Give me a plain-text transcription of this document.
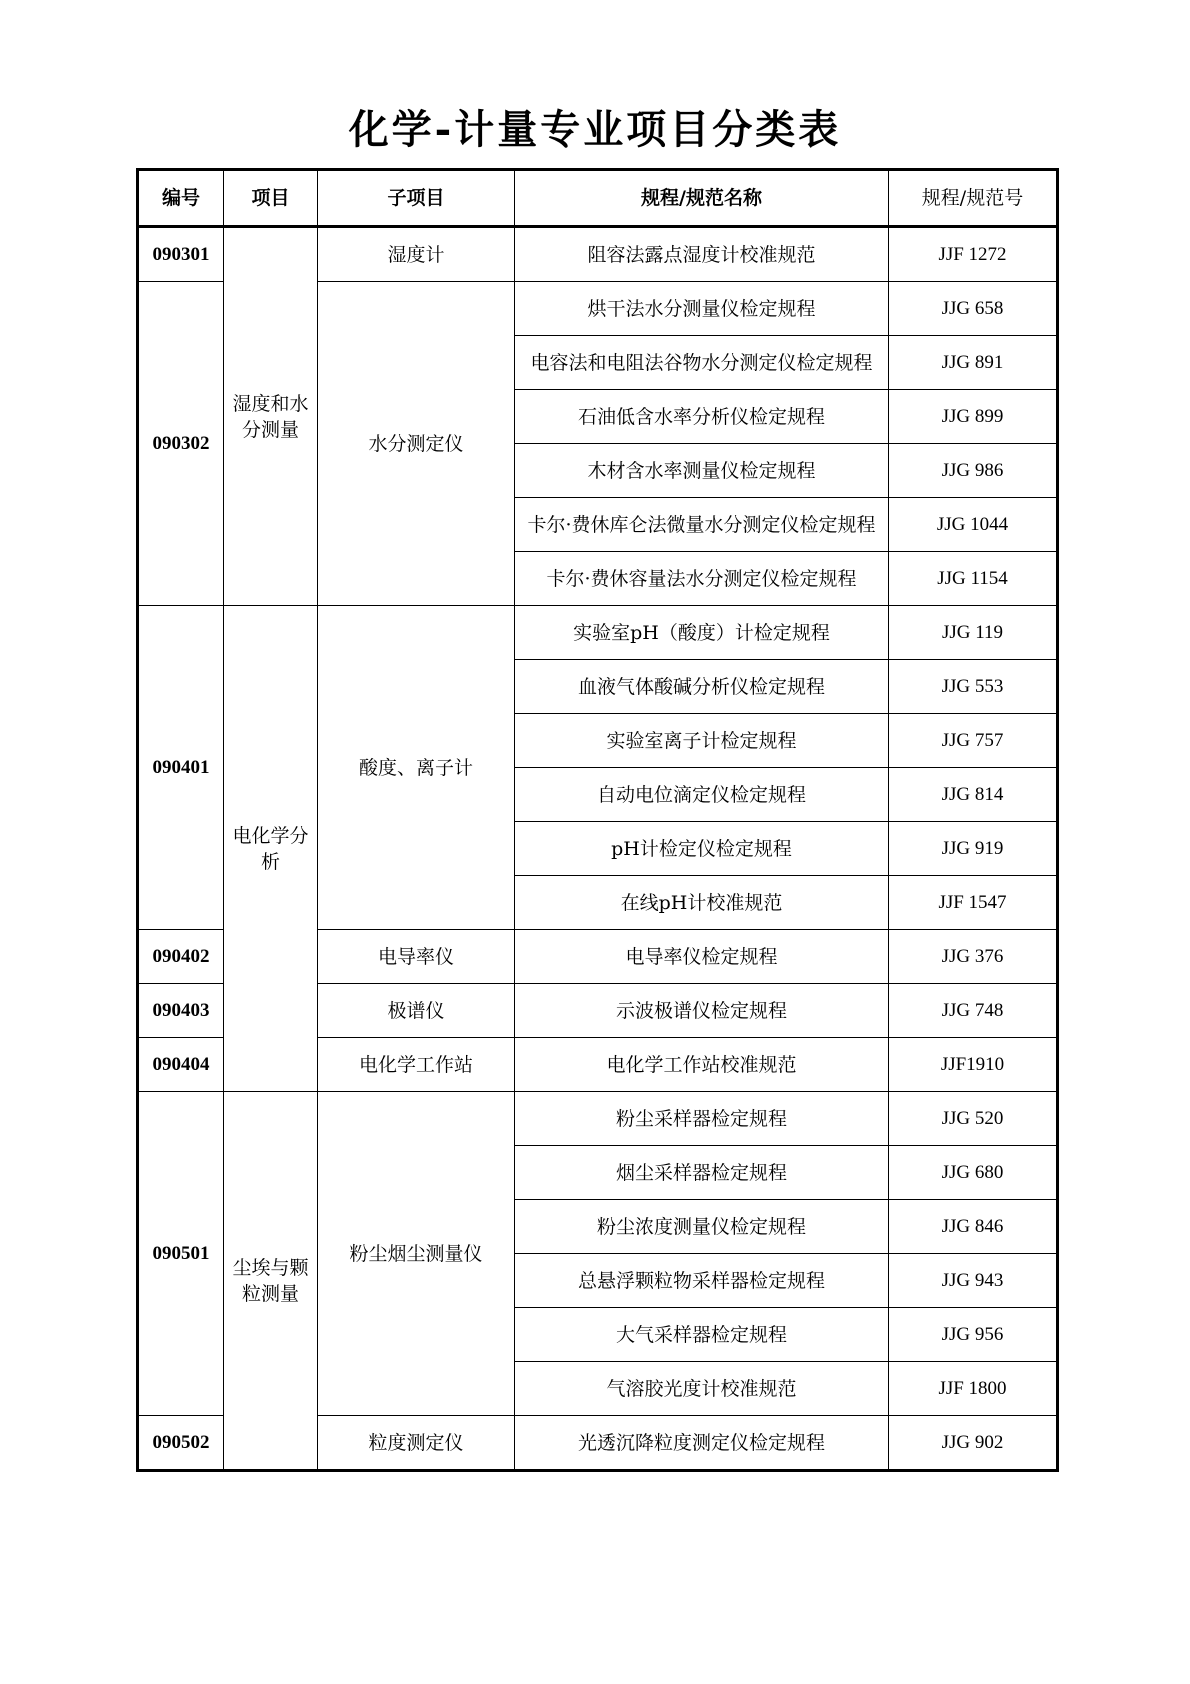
化学-计量专业项目分类表
编号	项目	子项目	规程/规范名称	规程/规范号
090301	湿度和水分测量	湿度计	阻容法露点湿度计校准规范	JJF 1272
090302		水分测定仪	烘干法水分测量仪检定规程	JJG 658
			电容法和电阻法谷物水分测定仪检定规程	JJG 891
			石油低含水率分析仪检定规程	JJG 899
			木材含水率测量仪检定规程	JJG 986
			卡尔·费休库仑法微量水分测定仪检定规程	JJG 1044
			卡尔·费休容量法水分测定仪检定规程	JJG 1154
090401	电化学分析	酸度、离子计	实验室pH（酸度）计检定规程	JJG 119
			血液气体酸碱分析仪检定规程	JJG 553
			实验室离子计检定规程	JJG 757
			自动电位滴定仪检定规程	JJG 814
			pH计检定仪检定规程	JJG 919
			在线pH计校准规范	JJF 1547
090402		电导率仪	电导率仪检定规程	JJG 376
090403		极谱仪	示波极谱仪检定规程	JJG 748
090404		电化学工作站	电化学工作站校准规范	JJF1910
090501	尘埃与颗粒测量	粉尘烟尘测量仪	粉尘采样器检定规程	JJG 520
			烟尘采样器检定规程	JJG 680
			粉尘浓度测量仪检定规程	JJG 846
			总悬浮颗粒物采样器检定规程	JJG 943
			大气采样器检定规程	JJG 956
			气溶胶光度计校准规范	JJF 1800
090502		粒度测定仪	光透沉降粒度测定仪检定规程	JJG 902
